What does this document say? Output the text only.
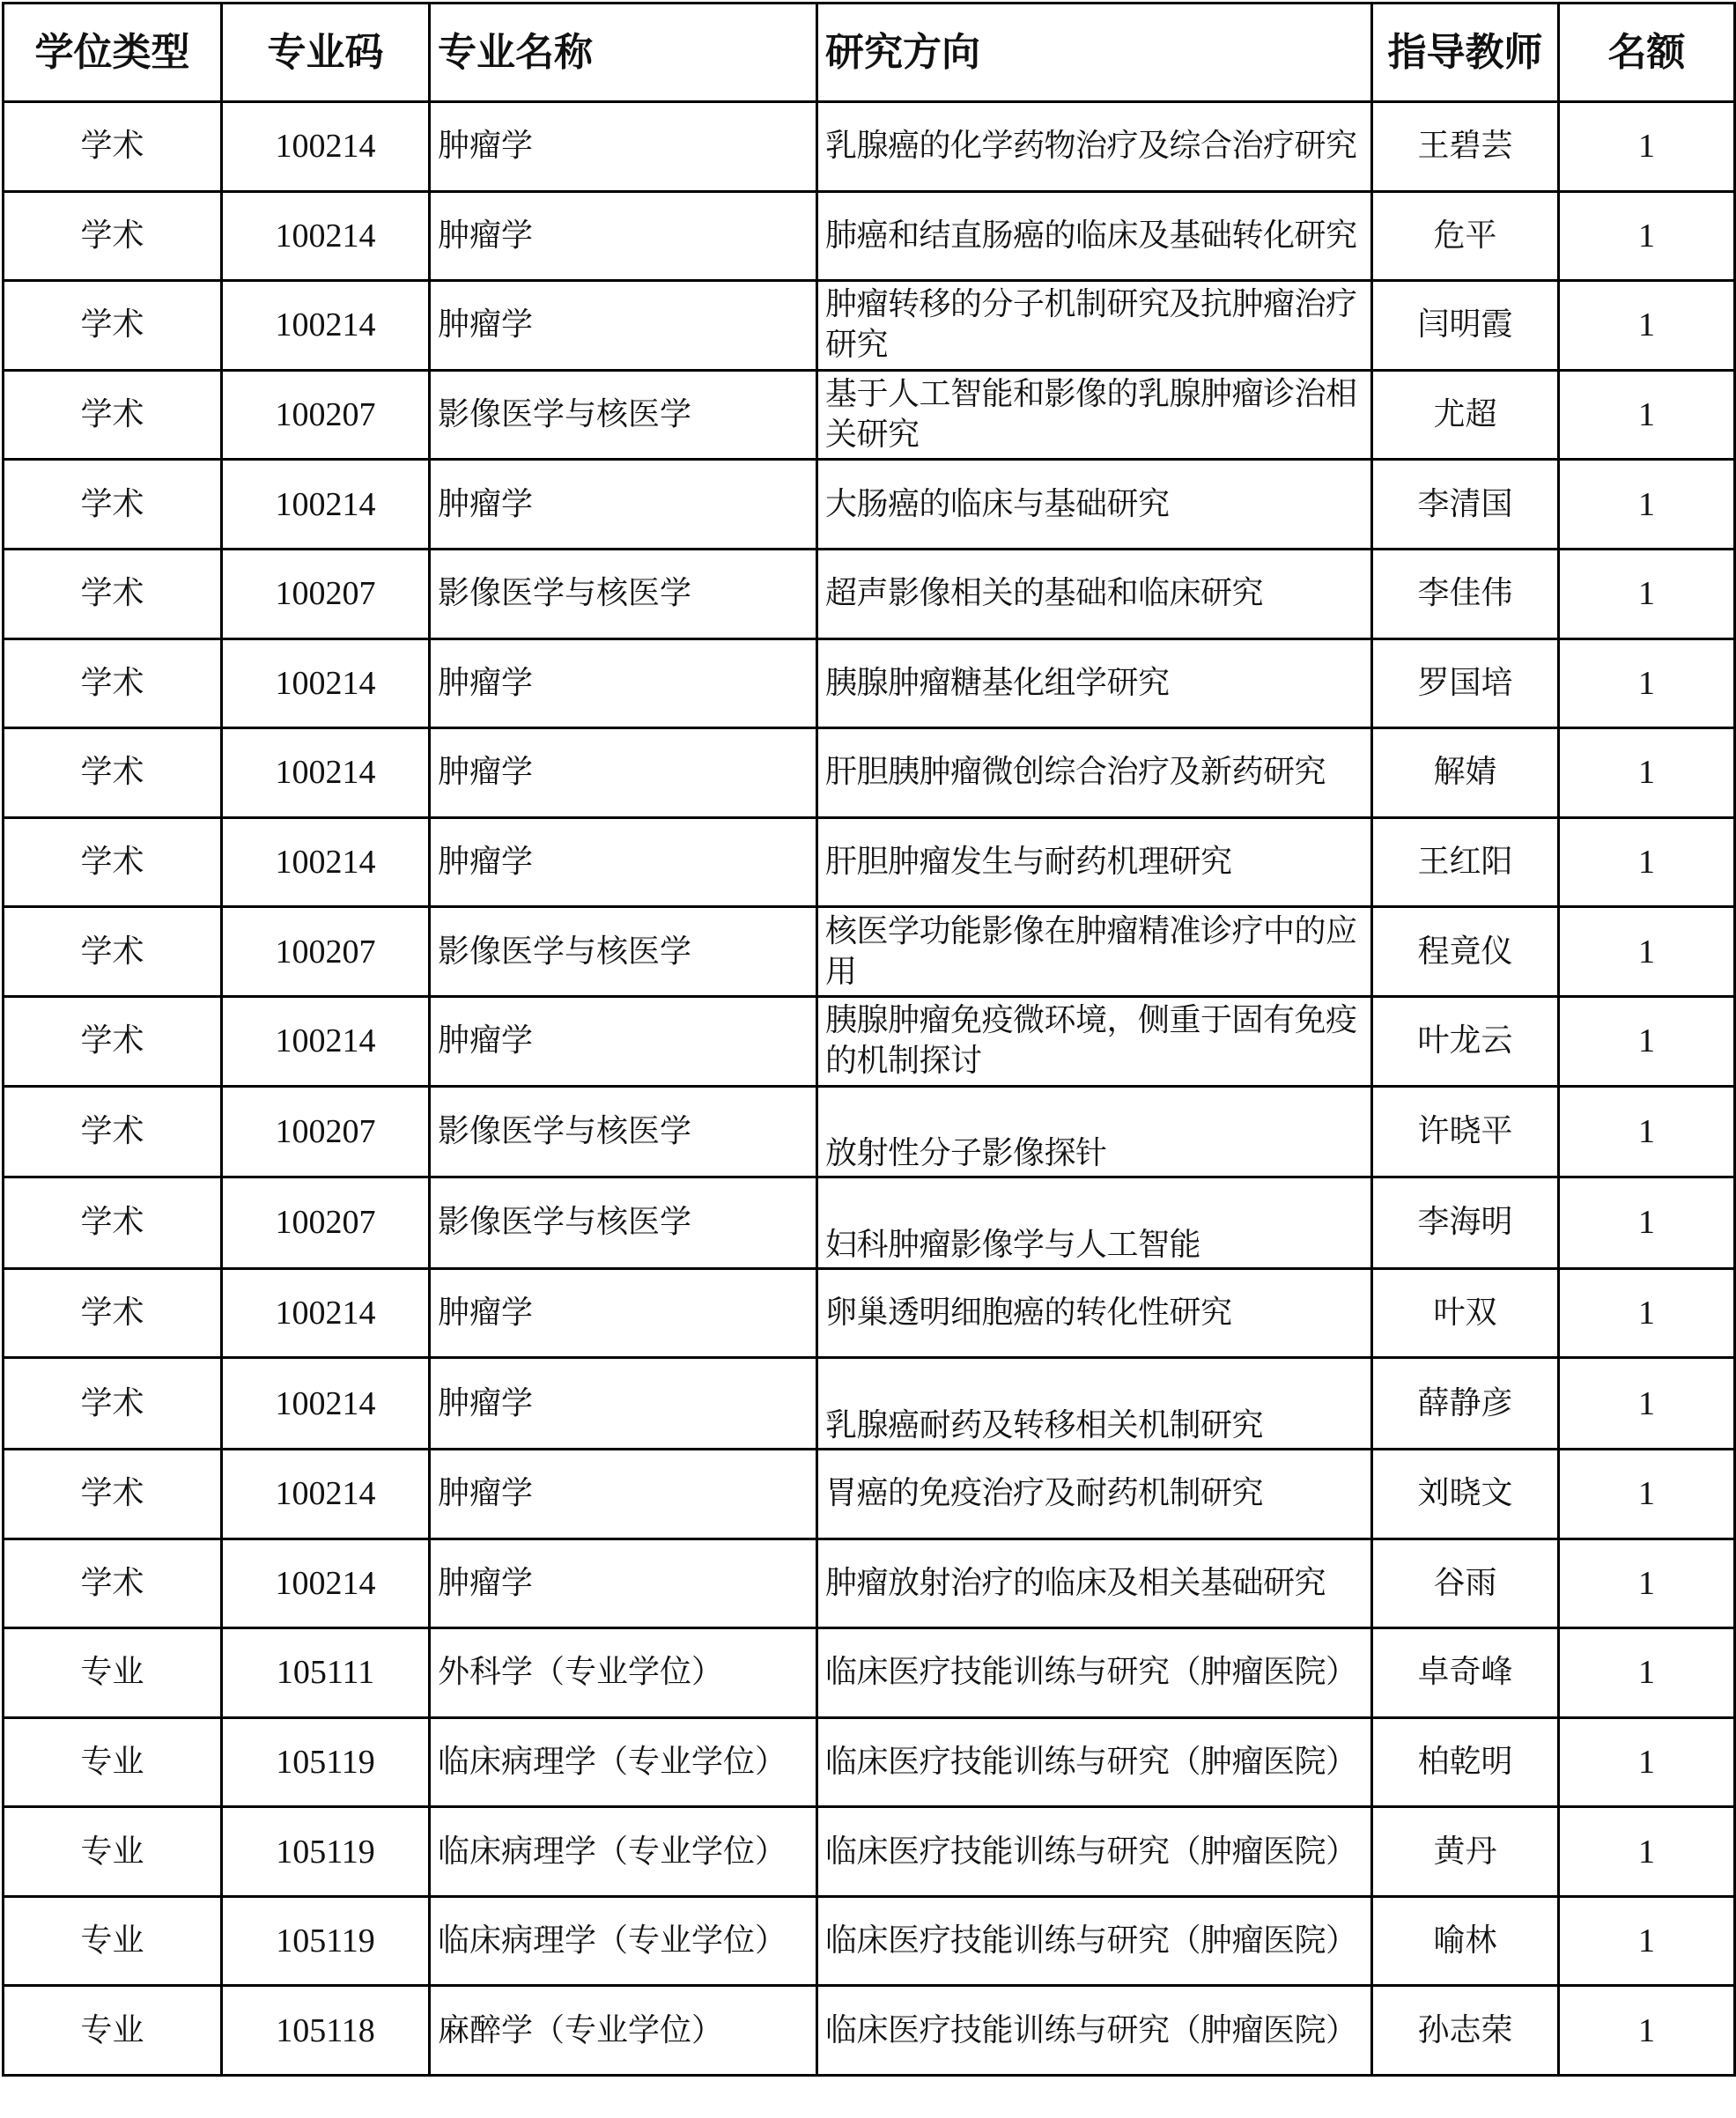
学位类型	专业码	专业名称	研究方向	指导教师	名额
学术	100214	肿瘤学	乳腺癌的化学药物治疗及综合治疗研究	王碧芸	1
学术	100214	肿瘤学	肺癌和结直肠癌的临床及基础转化研究	危平	1
学术	100214	肿瘤学	肿瘤转移的分子机制研究及抗肿瘤治疗研究	闫明霞	1
学术	100207	影像医学与核医学	基于人工智能和影像的乳腺肿瘤诊治相关研究	尤超	1
学术	100214	肿瘤学	大肠癌的临床与基础研究	李清国	1
学术	100207	影像医学与核医学	超声影像相关的基础和临床研究	李佳伟	1
学术	100214	肿瘤学	胰腺肿瘤糖基化组学研究	罗国培	1
学术	100214	肿瘤学	肝胆胰肿瘤微创综合治疗及新药研究	解婧	1
学术	100214	肿瘤学	肝胆肿瘤发生与耐药机理研究	王红阳	1
学术	100207	影像医学与核医学	核医学功能影像在肿瘤精准诊疗中的应用	程竟仪	1
学术	100214	肿瘤学	胰腺肿瘤免疫微环境，侧重于固有免疫的机制探讨	叶龙云	1
学术	100207	影像医学与核医学	放射性分子影像探针	许晓平	1
学术	100207	影像医学与核医学	妇科肿瘤影像学与人工智能	李海明	1
学术	100214	肿瘤学	卵巢透明细胞癌的转化性研究	叶双	1
学术	100214	肿瘤学	乳腺癌耐药及转移相关机制研究	薛静彦	1
学术	100214	肿瘤学	胃癌的免疫治疗及耐药机制研究	刘晓文	1
学术	100214	肿瘤学	肿瘤放射治疗的临床及相关基础研究	谷雨	1
专业	105111	外科学（专业学位）	临床医疗技能训练与研究（肿瘤医院）	卓奇峰	1
专业	105119	临床病理学（专业学位）	临床医疗技能训练与研究（肿瘤医院）	柏乾明	1
专业	105119	临床病理学（专业学位）	临床医疗技能训练与研究（肿瘤医院）	黄丹	1
专业	105119	临床病理学（专业学位）	临床医疗技能训练与研究（肿瘤医院）	喻林	1
专业	105118	麻醉学（专业学位）	临床医疗技能训练与研究（肿瘤医院）	孙志荣	1
